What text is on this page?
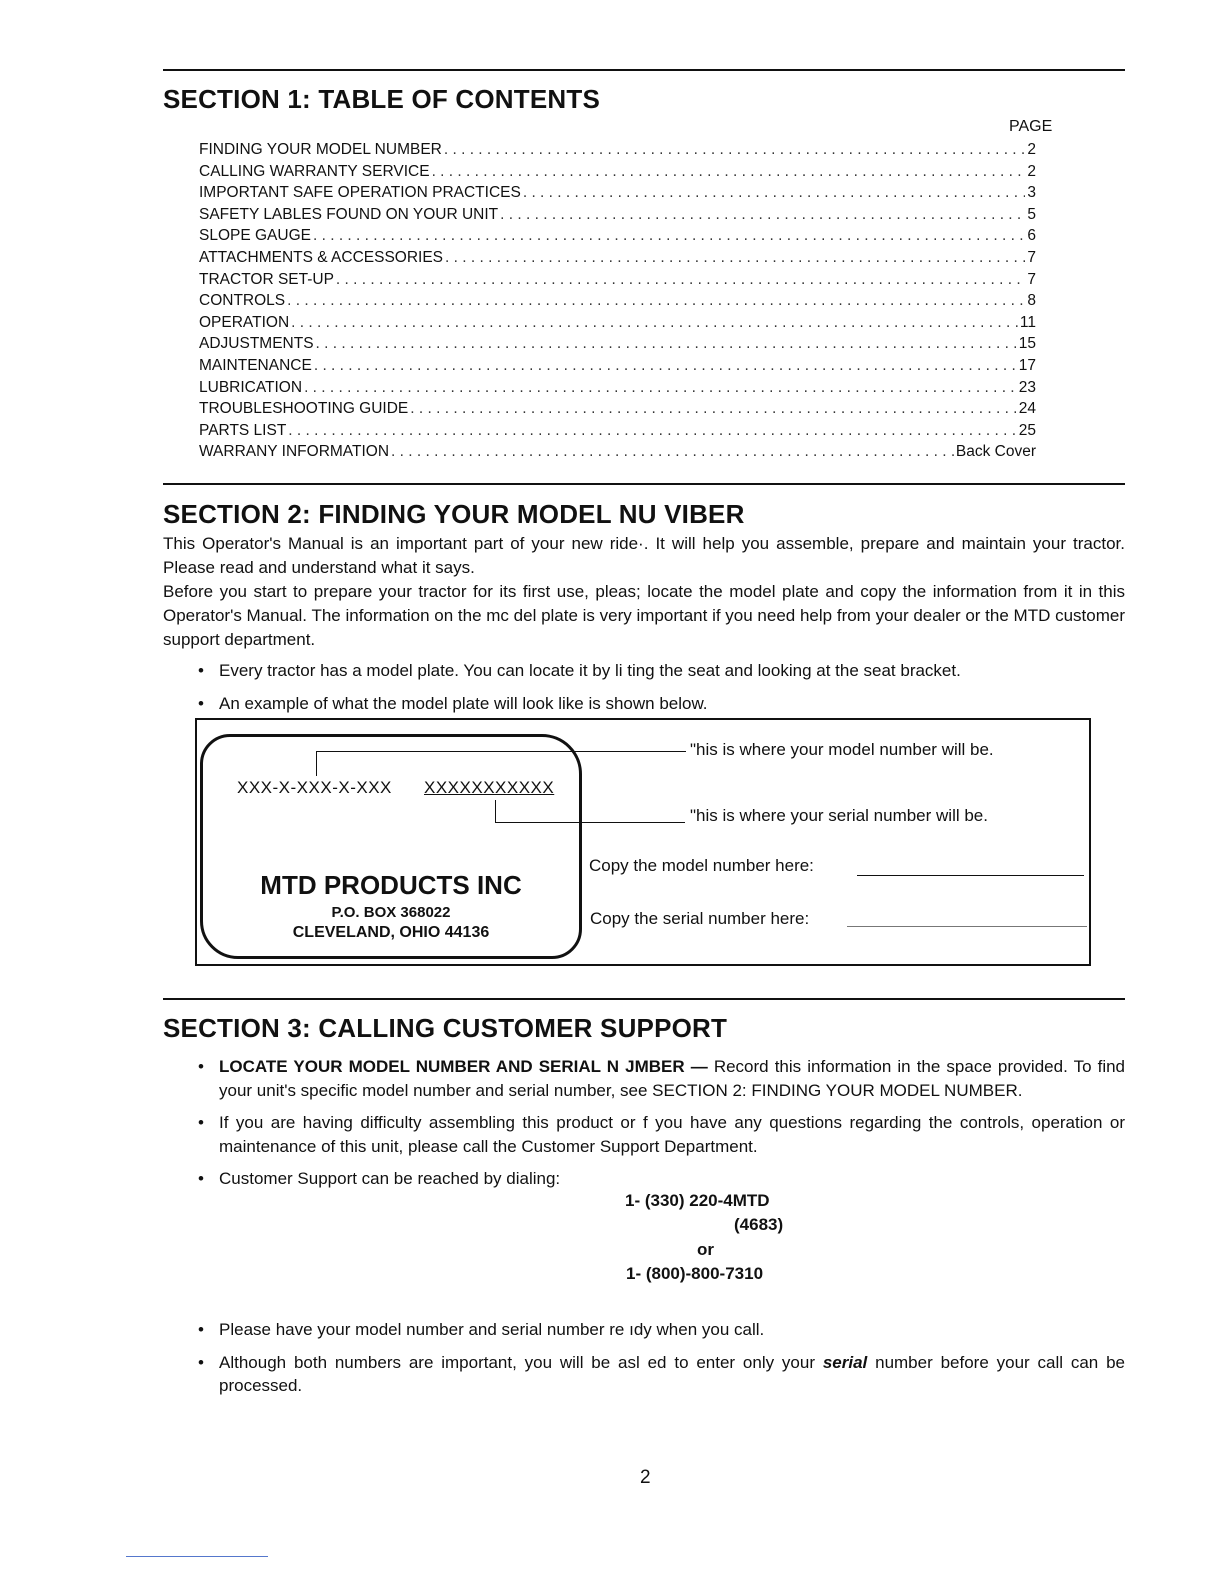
SECTION 1: TABLE OF CONTENTS
PAGE
FINDING YOUR MODEL NUMBER . . .	2
CALLING WARRANTY SERVICE . . .	2
IMPORTANT SAFE OPERATION PRACTICES . . .	3
SAFETY LABLES FOUND ON YOUR UNIT . . .	5
SLOPE GAUGE . . .	6
ATTACHMENTS & ACCESSORIES . . .	7
TRACTOR SET-UP . . .	7
CONTROLS . . .	8
OPERATION . . .	11
ADJUSTMENTS . . .	15
MAINTENANCE . . .	17
LUBRICATION . . .	23
TROUBLESHOOTING GUIDE . . .	24
PARTS LIST . . .	25
WARRANY INFORMATION . . .	Back Cover
SECTION 2: FINDING YOUR MODEL NU VIBER

This Operator's Manual is an important part of your new ride·. It will help you assemble, prepare and maintain your tractor. Please read and understand what it says.

Before you start to prepare your tractor for its first use, pleas; locate the model plate and copy the information from it in this Operator's Manual. The information on the mc del plate is very important if you need help from your dealer or the MTD customer support department.

• Every tractor has a model plate. You can locate it by li ting the seat and looking at the seat bracket.
• An example of what the model plate will look like is shown below.
XXX-X-XXX-X-XXX XXXXXXXXXXX
MTD PRODUCTS INC
P.O. BOX 368022
CLEVELAND, OHIO 44136
"his is where your model number will be.
"his is where your serial number will be.
Copy the model number here:
Copy the serial number here:
SECTION 3: CALLING CUSTOMER SUPPORT
• LOCATE YOUR MODEL NUMBER AND SERIAL N JMBER — Record this information in the space provided. To find your unit's specific model number and serial number, see SECTION 2: FINDING YOUR MODEL NUMBER.
• If you are having difficulty assembling this product or f you have any questions regarding the controls, operation or maintenance of this unit, please call the Customer Support Department.
• Customer Support can be reached by dialing:
1- (330) 220-4MTD
(4683)
or
1- (800)-800-7310
• Please have your model number and serial number re ıdy when you call.
• Although both numbers are important, you will be asl ed to enter only your serial number before your call can be processed.
2
